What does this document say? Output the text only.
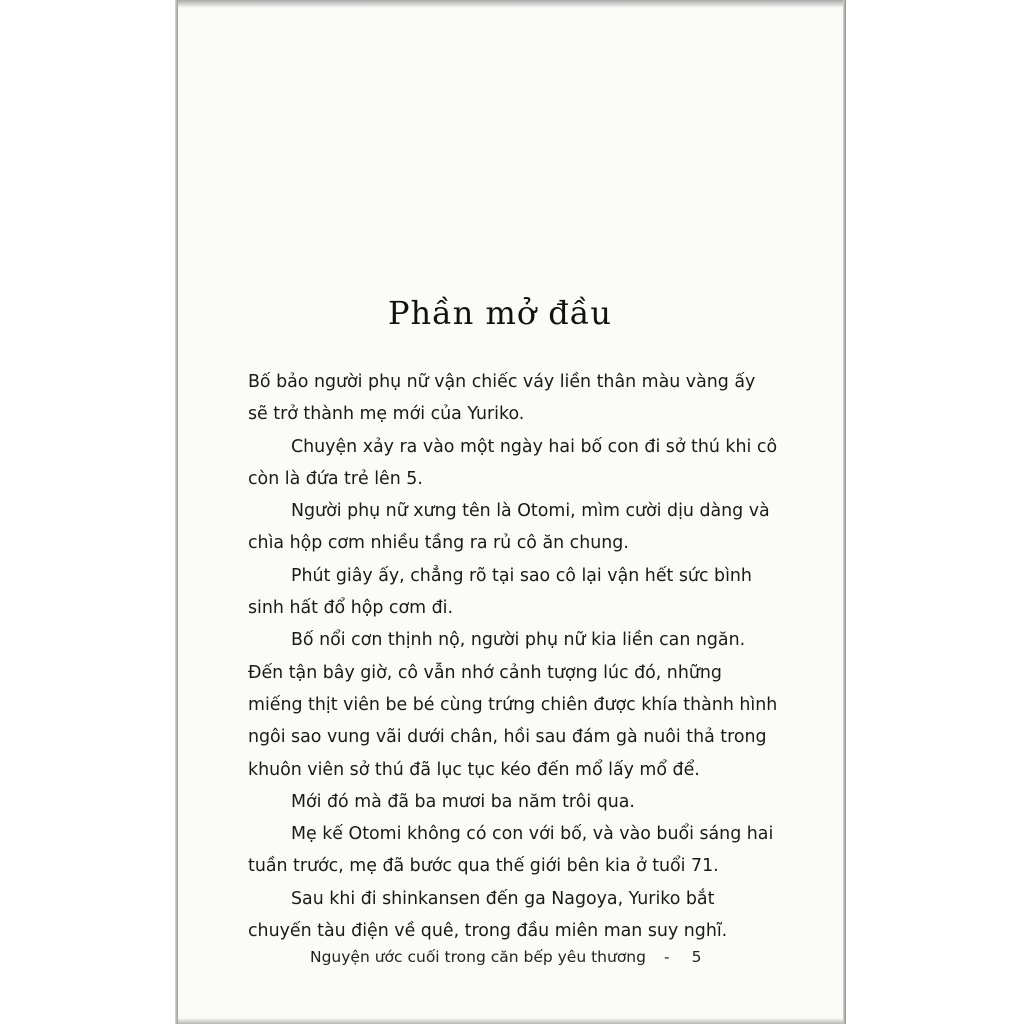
Phần mở đầu

Bố bảo người phụ nữ vận chiếc váy liền thân màu vàng ấy sẽ trở thành mẹ mới của Yuriko.

Chuyện xảy ra vào một ngày hai bố con đi sở thú khi cô còn là đứa trẻ lên 5.

Người phụ nữ xưng tên là Otomi, mìm cười dịu dàng và chìa hộp cơm nhiều tầng ra rủ cô ăn chung.

Phút giây ấy, chẳng rõ tại sao cô lại vận hết sức bình sinh hất đổ hộp cơm đi.

Bố nổi cơn thịnh nộ, người phụ nữ kia liền can ngăn. Đến tận bây giờ, cô vẫn nhớ cảnh tượng lúc đó, những miếng thịt viên be bé cùng trứng chiên được khía thành hình ngôi sao vung vãi dưới chân, hồi sau đám gà nuôi thả trong khuôn viên sở thú đã lục tục kéo đến mổ lấy mổ để.

Mới đó mà đã ba mươi ba năm trôi qua.

Mẹ kế Otomi không có con với bố, và vào buổi sáng hai tuần trước, mẹ đã bước qua thế giới bên kia ở tuổi 71.

Sau khi đi shinkansen đến ga Nagoya, Yuriko bắt chuyến tàu điện về quê, trong đầu miên man suy nghĩ.

Nguyện ước cuối trong căn bếp yêu thương - 5
